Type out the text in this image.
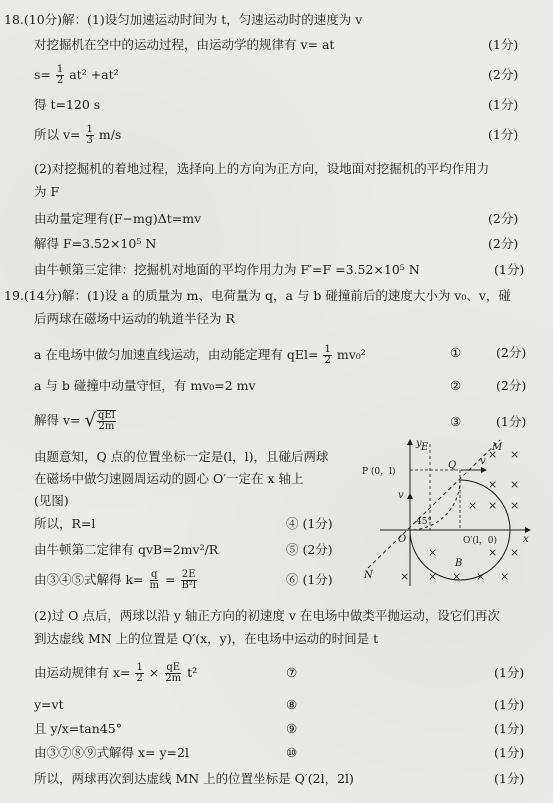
18.(10分)解：(1)设匀加速运动时间为 t，匀速运动时的速度为 v
对挖掘机在空中的运动过程，由运动学的规律有 v= at	(1分)
$s= \frac{1}{2} at^2 +at^2$	(2分)
得 t=120 s	(1分)
所以 $v= \frac{1}{3} m/s$	(1分)
(2)对挖掘机的着地过程，选择向上的方向为正方向，设地面对挖掘机的平均作用力
为 F
由动量定理有(F−mg)Δt=mv	(2分)
解得 F=3.52×10⁵ N	(2分)
由牛顿第三定律：挖掘机对地面的平均作用力为 F′=F =3.52×10⁵ N	(1分)
19.(14分)解：(1)设 a 的质量为 m、电荷量为 q，a 与 b 碰撞前后的速度大小为 v₀、v，碰
后两球在磁场中运动的轨道半径为 R
a 在电场中做匀加速直线运动，由动能定理有 $qEl= \frac{1}{2} mv_0^2$	①	(2分)
a 与 b 碰撞中动量守恒，有 mv₀=2 mv	②	(2分)
解得 v= √ $\frac{\text{qEl}}{2m}$	③	(1分)
由题意知，Q 点的位置坐标一定是(l，l)，且碰后两球
在磁场中做匀速圆周运动的圆心 O′一定在 x 轴上
(见图)
所以，R=l	④ (1分)
由牛顿第二定律有 qvB=2mv²/R	⑤ (2分)
由③④⑤式解得 $k= \frac{q}{m} = \frac{2E}{\text{B²l}}$	⑥ (1分)
(2)过 O 点后，两球以沿 y 轴正方向的初速度 v 在电场中做类平抛运动，设它们再次
到达虚线 MN 上的位置是 Q′(x，y)，在电场中运动的时间是 t
由运动规律有 $x= \frac{1}{2} \times \frac{qE}{2m} t^2$	⑦	(1分)
y=vt	⑧	(1分)
且 y/x=tan45°	⑨	(1分)
由③⑦⑧⑨式解得 x= y=2l	⑩	(1分)
所以，两球再次到达虚线 MN 上的位置坐标是 Q′(2l，2l)	(1分)
y
x
O
N
M
E
P (0，l)
Q v
v
45°
O′(l，0)
B
× ×
× ×
× × ×
×	× ×
× × × × ×
